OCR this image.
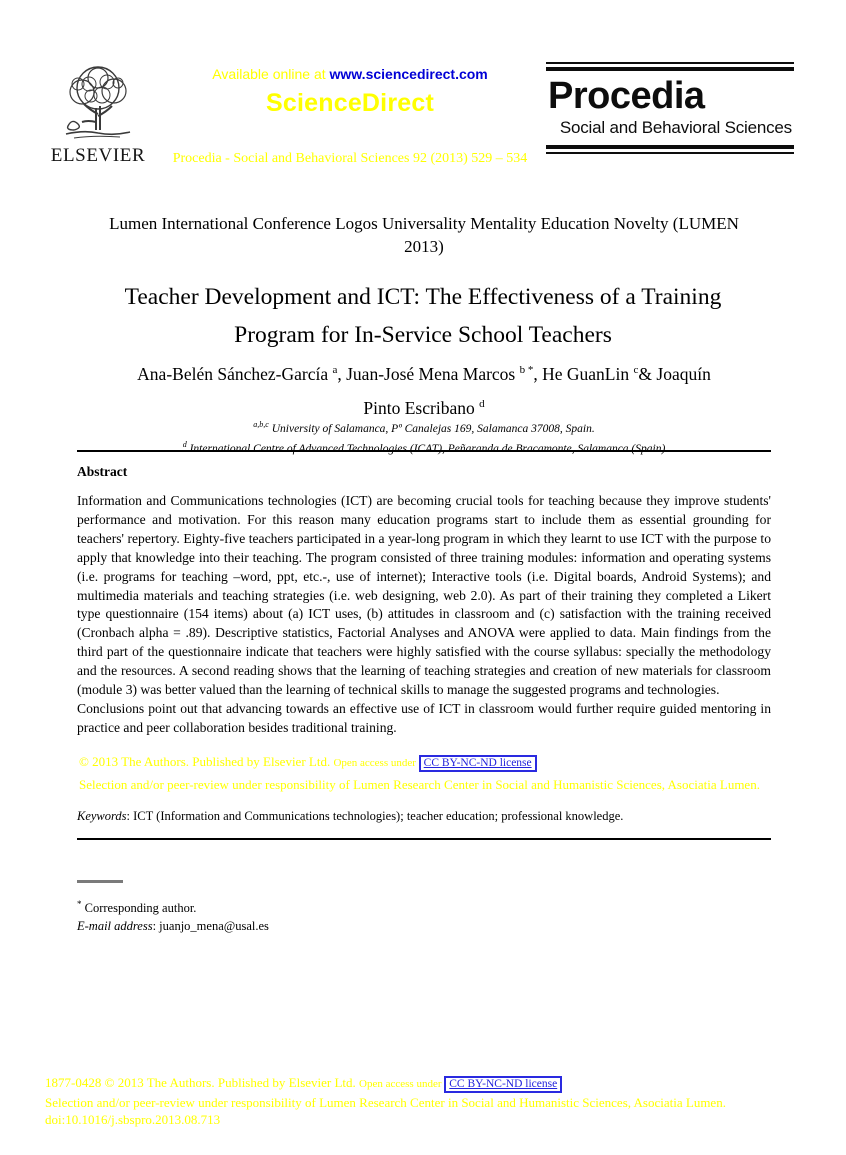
ELSEVIER
Available online at www.sciencedirect.com
ScienceDirect
Procedia - Social and Behavioral Sciences 92 (2013) 529 – 534
Procedia
Social and Behavioral Sciences
Lumen International Conference Logos Universality Mentality Education Novelty (LUMEN
2013)
Teacher Development and ICT: The Effectiveness of a Training
Program for In-Service School Teachers
Ana-Belén Sánchez-García $^a$, Juan-José Mena Marcos $^{b *}$, He GuanLin $^c$& Joaquín
Pinto Escribano $^d$
$^{a,b,c}$ University of Salamanca, Pº Canalejas 169, Salamanca 37008, Spain.
$^d$ International Centre of Advanced Technologies (ICAT), Peñaranda de Bracamonte, Salamanca (Spain)
Abstract
Information and Communications technologies (ICT) are becoming crucial tools for teaching because they improve students' performance and motivation. For this reason many education programs start to include them as essential grounding for teachers' repertory. Eighty-five teachers participated in a year-long program in which they learnt to use ICT with the purpose to apply that knowledge into their teaching. The program consisted of three training modules: information and operating systems (i.e. programs for teaching –word, ppt, etc.-, use of internet); Interactive tools (i.e. Digital boards, Android Systems); and multimedia materials and teaching strategies (i.e. web designing, web 2.0). As part of their training they completed a Likert type questionnaire (154 items) about (a) ICT uses, (b) attitudes in classroom and (c) satisfaction with the training received (Cronbach alpha = .89). Descriptive statistics, Factorial Analyses and ANOVA were applied to data. Main findings from the third part of the questionnaire indicate that teachers were highly satisfied with the course syllabus: specially the methodology and the resources. A second reading shows that the learning of teaching strategies and creation of new materials for classroom (module 3) was better valued than the learning of technical skills to manage the suggested programs and technologies.
Conclusions point out that advancing towards an effective use of ICT in classroom would further require guided mentoring in practice and peer collaboration besides traditional training.
© 2013 The Authors. Published by Elsevier Ltd. Open access under CC BY-NC-ND license
Selection and/or peer-review under responsibility of Lumen Research Center in Social and Humanistic Sciences, Asociatia Lumen.
Keywords: ICT (Information and Communications technologies); teacher education; professional knowledge.
* Corresponding author.
E-mail address: juanjo_mena@usal.es
1877-0428 © 2013 The Authors. Published by Elsevier Ltd. Open access under CC BY-NC-ND license
Selection and/or peer-review under responsibility of Lumen Research Center in Social and Humanistic Sciences, Asociatia Lumen.
doi:10.1016/j.sbspro.2013.08.713
